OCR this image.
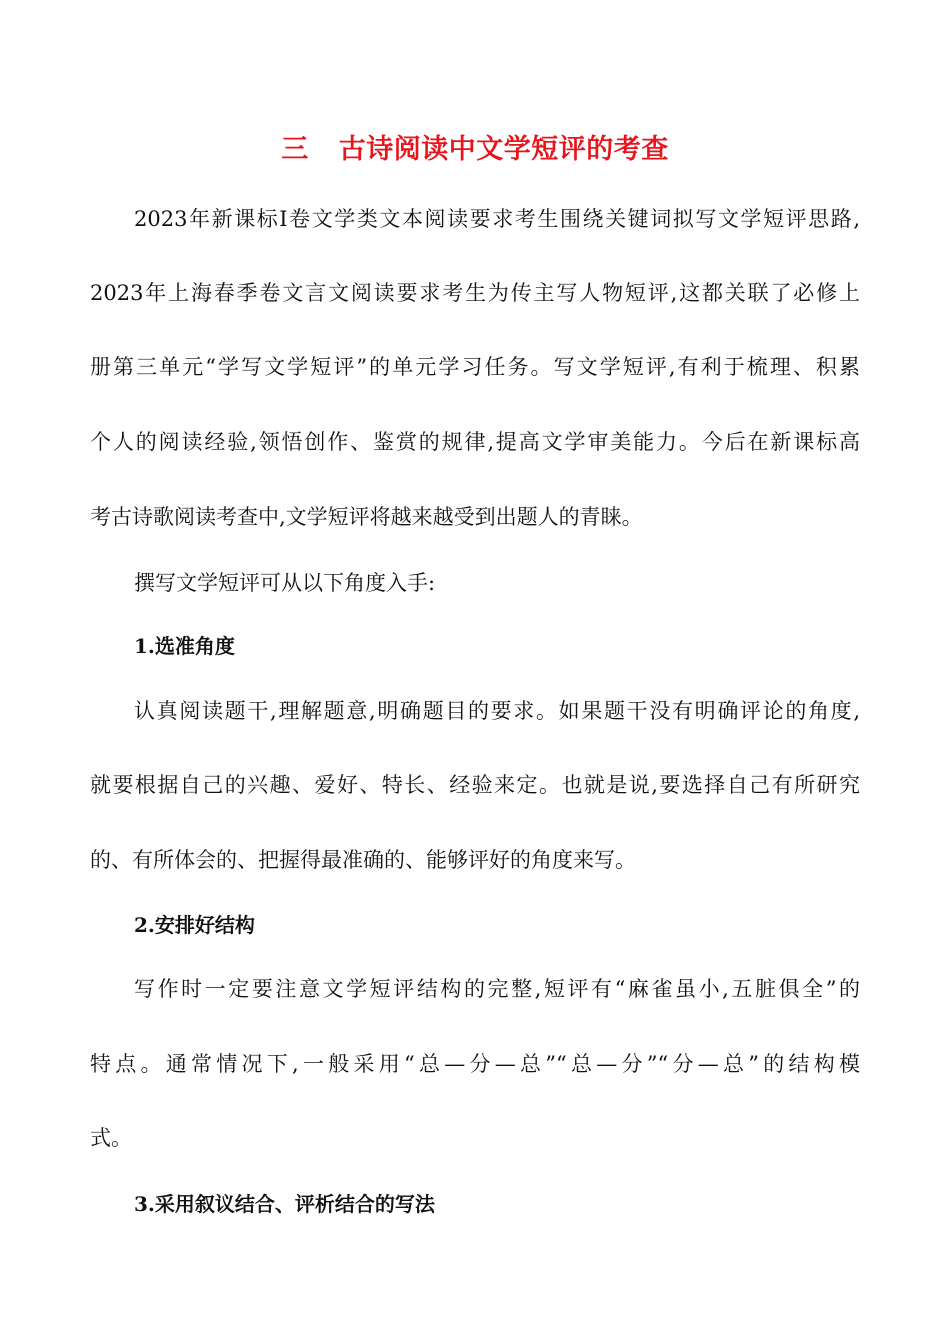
三 古诗阅读中文学短评的考查
2023年新课标Ⅰ卷文学类文本阅读要求考生围绕关键词拟写文学短评思路,
2023年上海春季卷文言文阅读要求考生为传主写人物短评,这都关联了必修上
册第三单元“学写文学短评”的单元学习任务。写文学短评,有利于梳理、积累
个人的阅读经验,领悟创作、鉴赏的规律,提高文学审美能力。今后在新课标高
考古诗歌阅读考查中,文学短评将越来越受到出题人的青睐。
撰写文学短评可从以下角度入手:
1.选准角度
认真阅读题干,理解题意,明确题目的要求。如果题干没有明确评论的角度,
就要根据自己的兴趣、爱好、特长、经验来定。也就是说,要选择自己有所研究
的、有所体会的、把握得最准确的、能够评好的角度来写。
2.安排好结构
写作时一定要注意文学短评结构的完整,短评有“麻雀虽小,五脏俱全”的
特点。通常情况下,一般采用“总—分—总”“总—分”“分—总”的结构模
式。
3.采用叙议结合、评析结合的写法
